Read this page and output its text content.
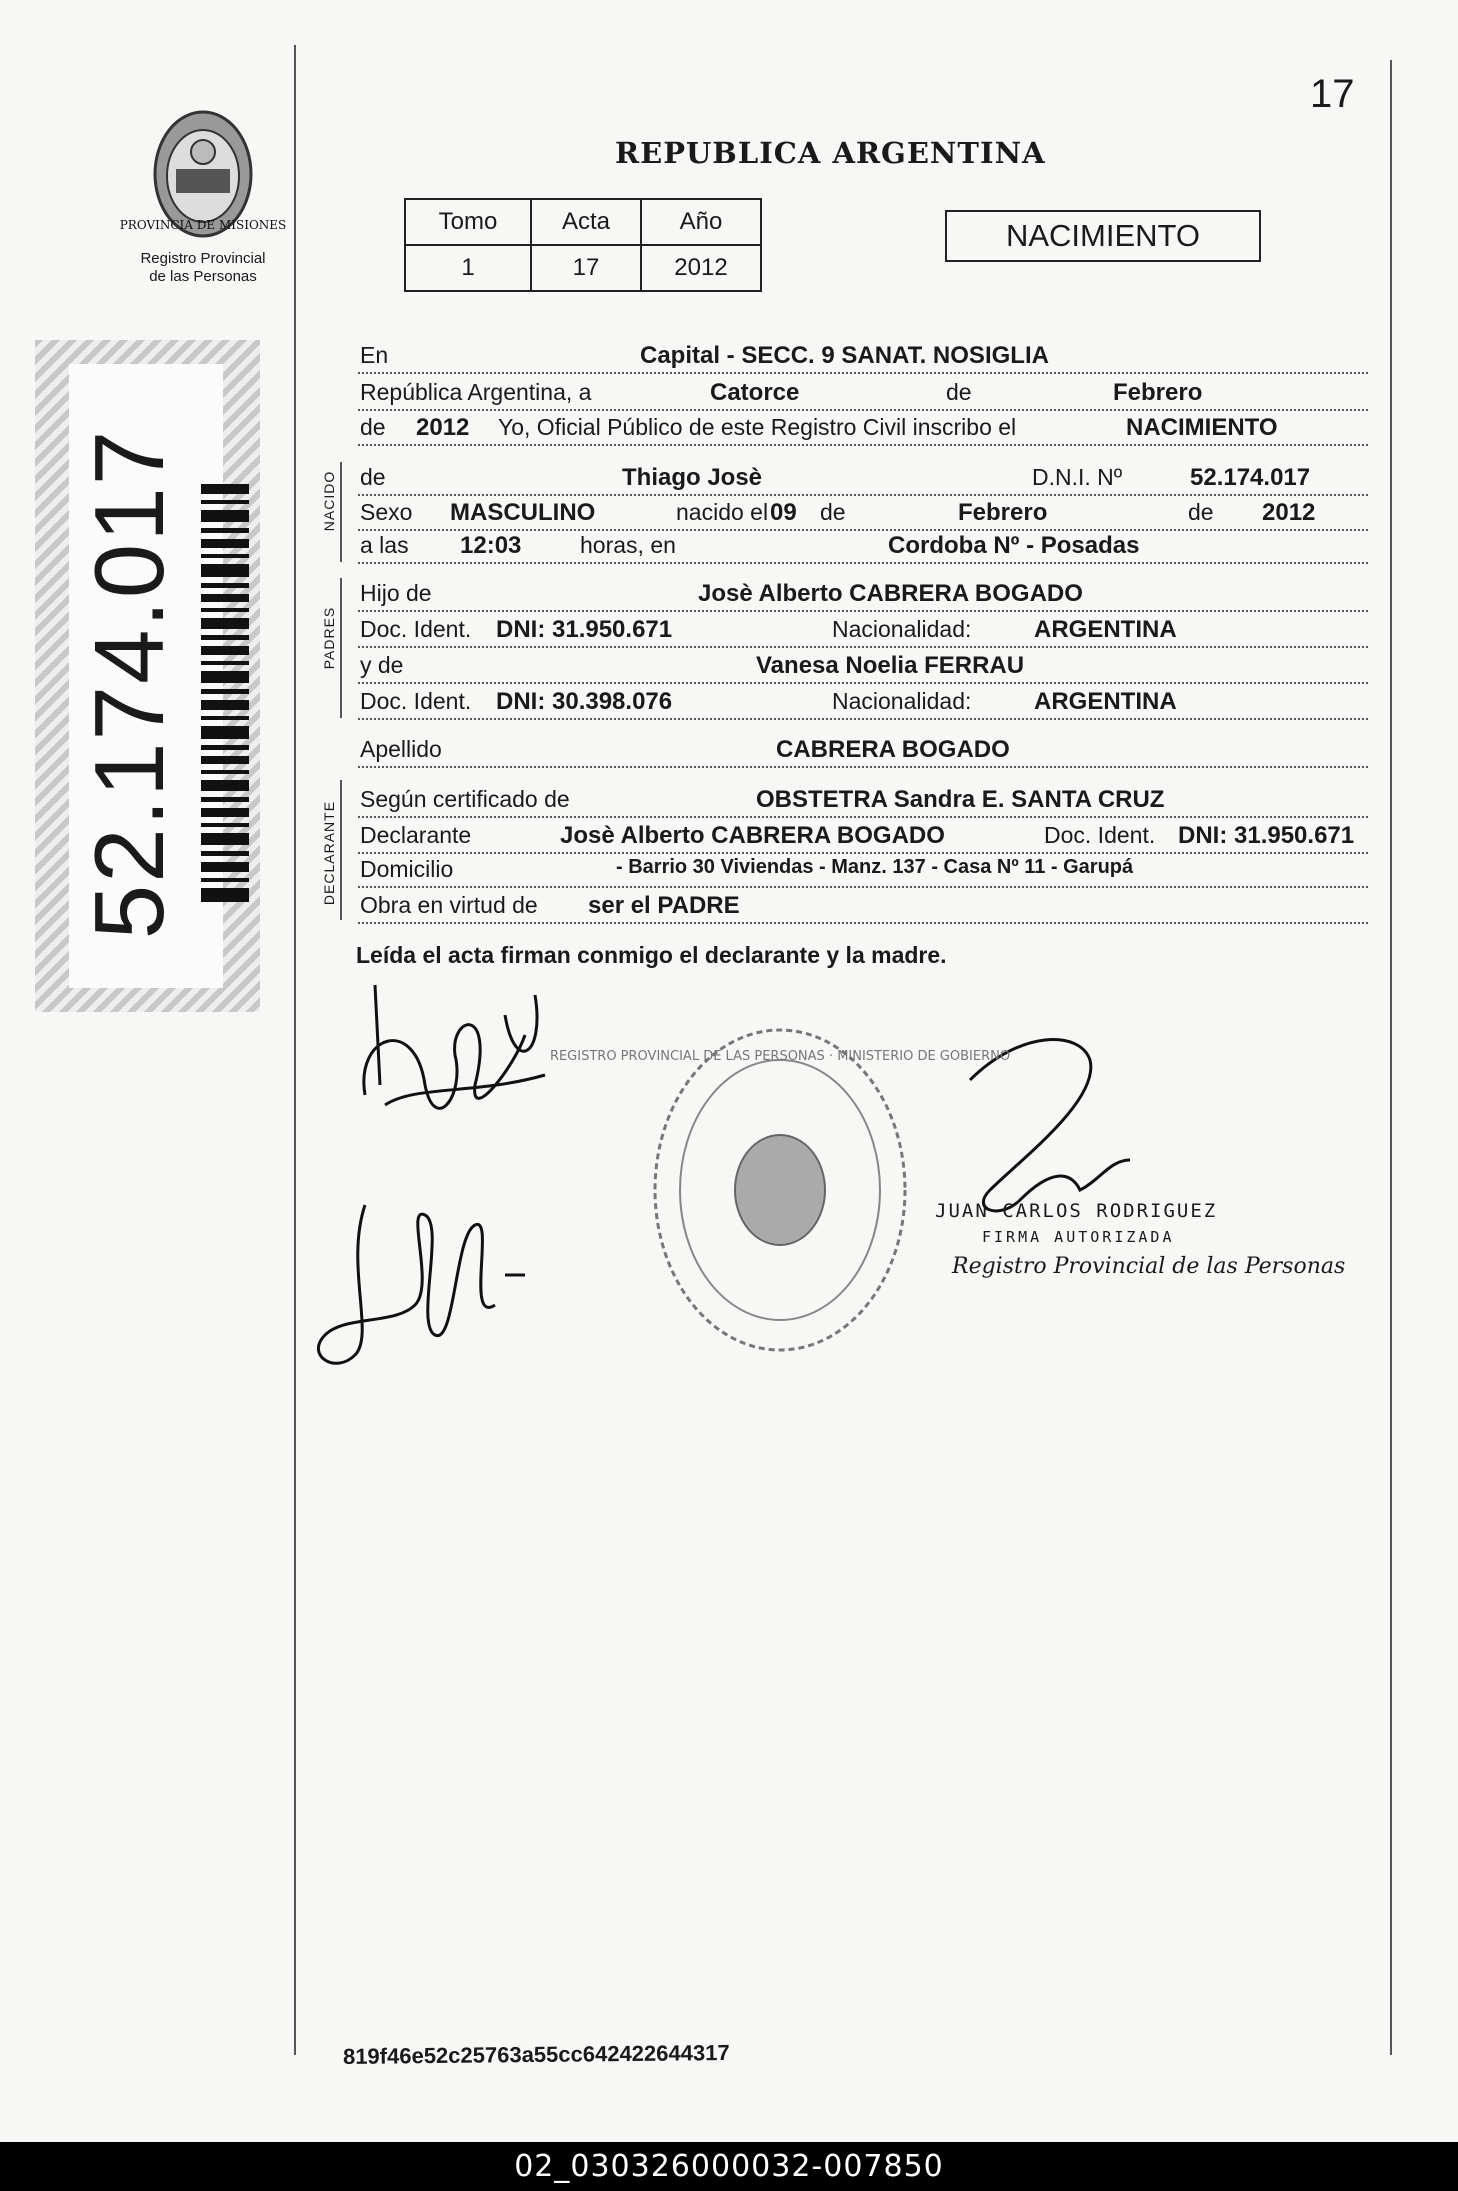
17
PROVINCIA DE MISIONES
Registro Provincial
de las Personas
52.174.017
REPUBLICA ARGENTINA
Tomo	Acta	Año
1	17	2012
NACIMIENTO
NACIDO
PADRES
DECLARANTE
En	Capital - SECC. 9 SANAT. NOSIGLIA
República Argentina, a	Catorce	de	Febrero
de 2012 Yo, Oficial Público de este Registro Civil inscribo el	NACIMIENTO
de	Thiago Josè	D.N.I. Nº	52.174.017
Sexo MASCULINO	nacido el 09 de	Febrero	de 2012
a las 12:03	horas, en	Cordoba Nº - Posadas
Hijo de	Josè Alberto CABRERA BOGADO
Doc. Ident. DNI: 31.950.671	Nacionalidad:	ARGENTINA
y de	Vanesa Noelia FERRAU
Doc. Ident. DNI: 30.398.076	Nacionalidad:	ARGENTINA
Apellido	CABRERA BOGADO
Según certificado de	OBSTETRA Sandra E. SANTA CRUZ
Declarante	Josè Alberto CABRERA BOGADO	Doc. Ident. DNI: 31.950.671
Domicilio	- Barrio 30 Viviendas - Manz. 137 - Casa Nº 11 - Garupá
Obra en virtud de ser el PADRE
Leída el acta firman conmigo el declarante y la madre.
REGISTRO PROVINCIAL DE LAS PERSONAS · MINISTERIO DE GOBIERNO
JUAN CARLOS RODRIGUEZ
FIRMA AUTORIZADA
Registro Provincial de las Personas
819f46e52c25763a55cc642422644317
02_030326000032-007850
